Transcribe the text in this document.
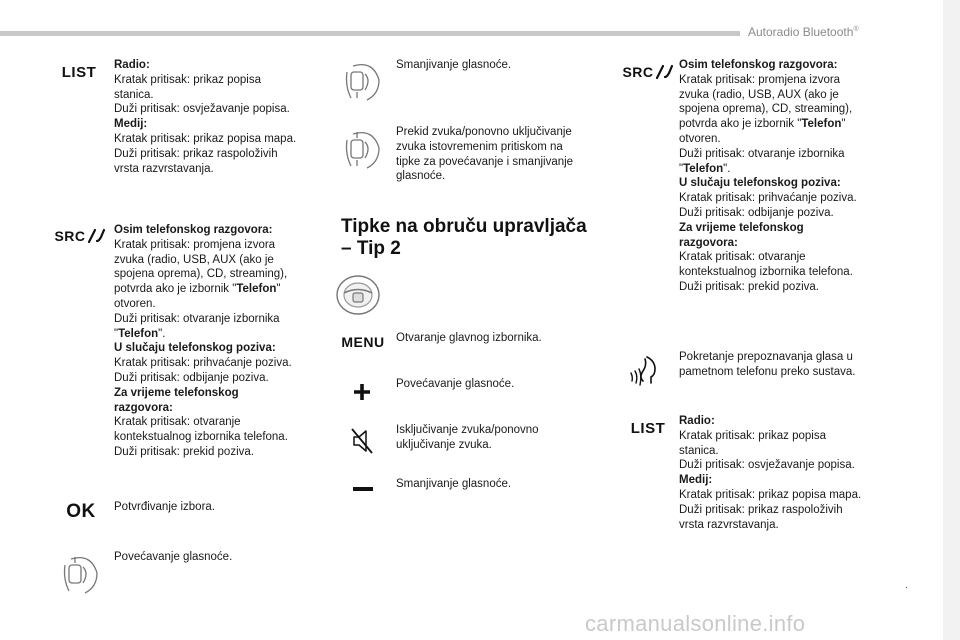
Autoradio Bluetooth®
.
carmanualsonline.info
LIST	Radio:

Kratak pritisak: prikaz popisa

stanica.

Duži pritisak: osvježavanje popisa.

Medij:

Kratak pritisak: prikaz popisa mapa.

Duži pritisak: prikaz raspoloživih

vrsta razvrstavanja.

SRC Osim telefonskog razgovora:

Kratak pritisak: promjena izvora

zvuka (radio, USB, AUX (ako je

spojena oprema), CD, streaming),

potvrda ako je izbornik "Telefon"

otvoren.

Duži pritisak: otvaranje izbornika

"Telefon".

U slučaju telefonskog poziva:

Kratak pritisak: prihvaćanje poziva.

Duži pritisak: odbijanje poziva.

Za vrijeme telefonskog

razgovora:

Kratak pritisak: otvaranje

kontekstualnog izbornika telefona.

Duži pritisak: prekid poziva.

OK	Potvrđivanje izbora.

Povećavanje glasnoće.

Smanjivanje glasnoće.

Prekid zvuka/ponovno uključivanje

zvuka istovremenim pritiskom na

tipke za povećavanje i smanjivanje

glasnoće.

Tipke na obruču upravljača – Tip 2
MENU Otvaranje glavnog izbornika.

Povećavanje glasnoće.

Isključivanje zvuka/ponovno

uključivanje zvuka.

Smanjivanje glasnoće.

SRC Osim telefonskog razgovora:

Kratak pritisak: promjena izvora

zvuka (radio, USB, AUX (ako je

spojena oprema), CD, streaming),

potvrda ako je izbornik "Telefon"

otvoren.

Duži pritisak: otvaranje izbornika

"Telefon".

U slučaju telefonskog poziva:

Kratak pritisak: prihvaćanje poziva.

Duži pritisak: odbijanje poziva.

Za vrijeme telefonskog

razgovora:

Kratak pritisak: otvaranje

kontekstualnog izbornika telefona.

Duži pritisak: prekid poziva.

Pokretanje prepoznavanja glasa u

pametnom telefonu preko sustava.

LIST	Radio:

Kratak pritisak: prikaz popisa

stanica.

Duži pritisak: osvježavanje popisa.

Medij:

Kratak pritisak: prikaz popisa mapa.

Duži pritisak: prikaz raspoloživih

vrsta razvrstavanja.
